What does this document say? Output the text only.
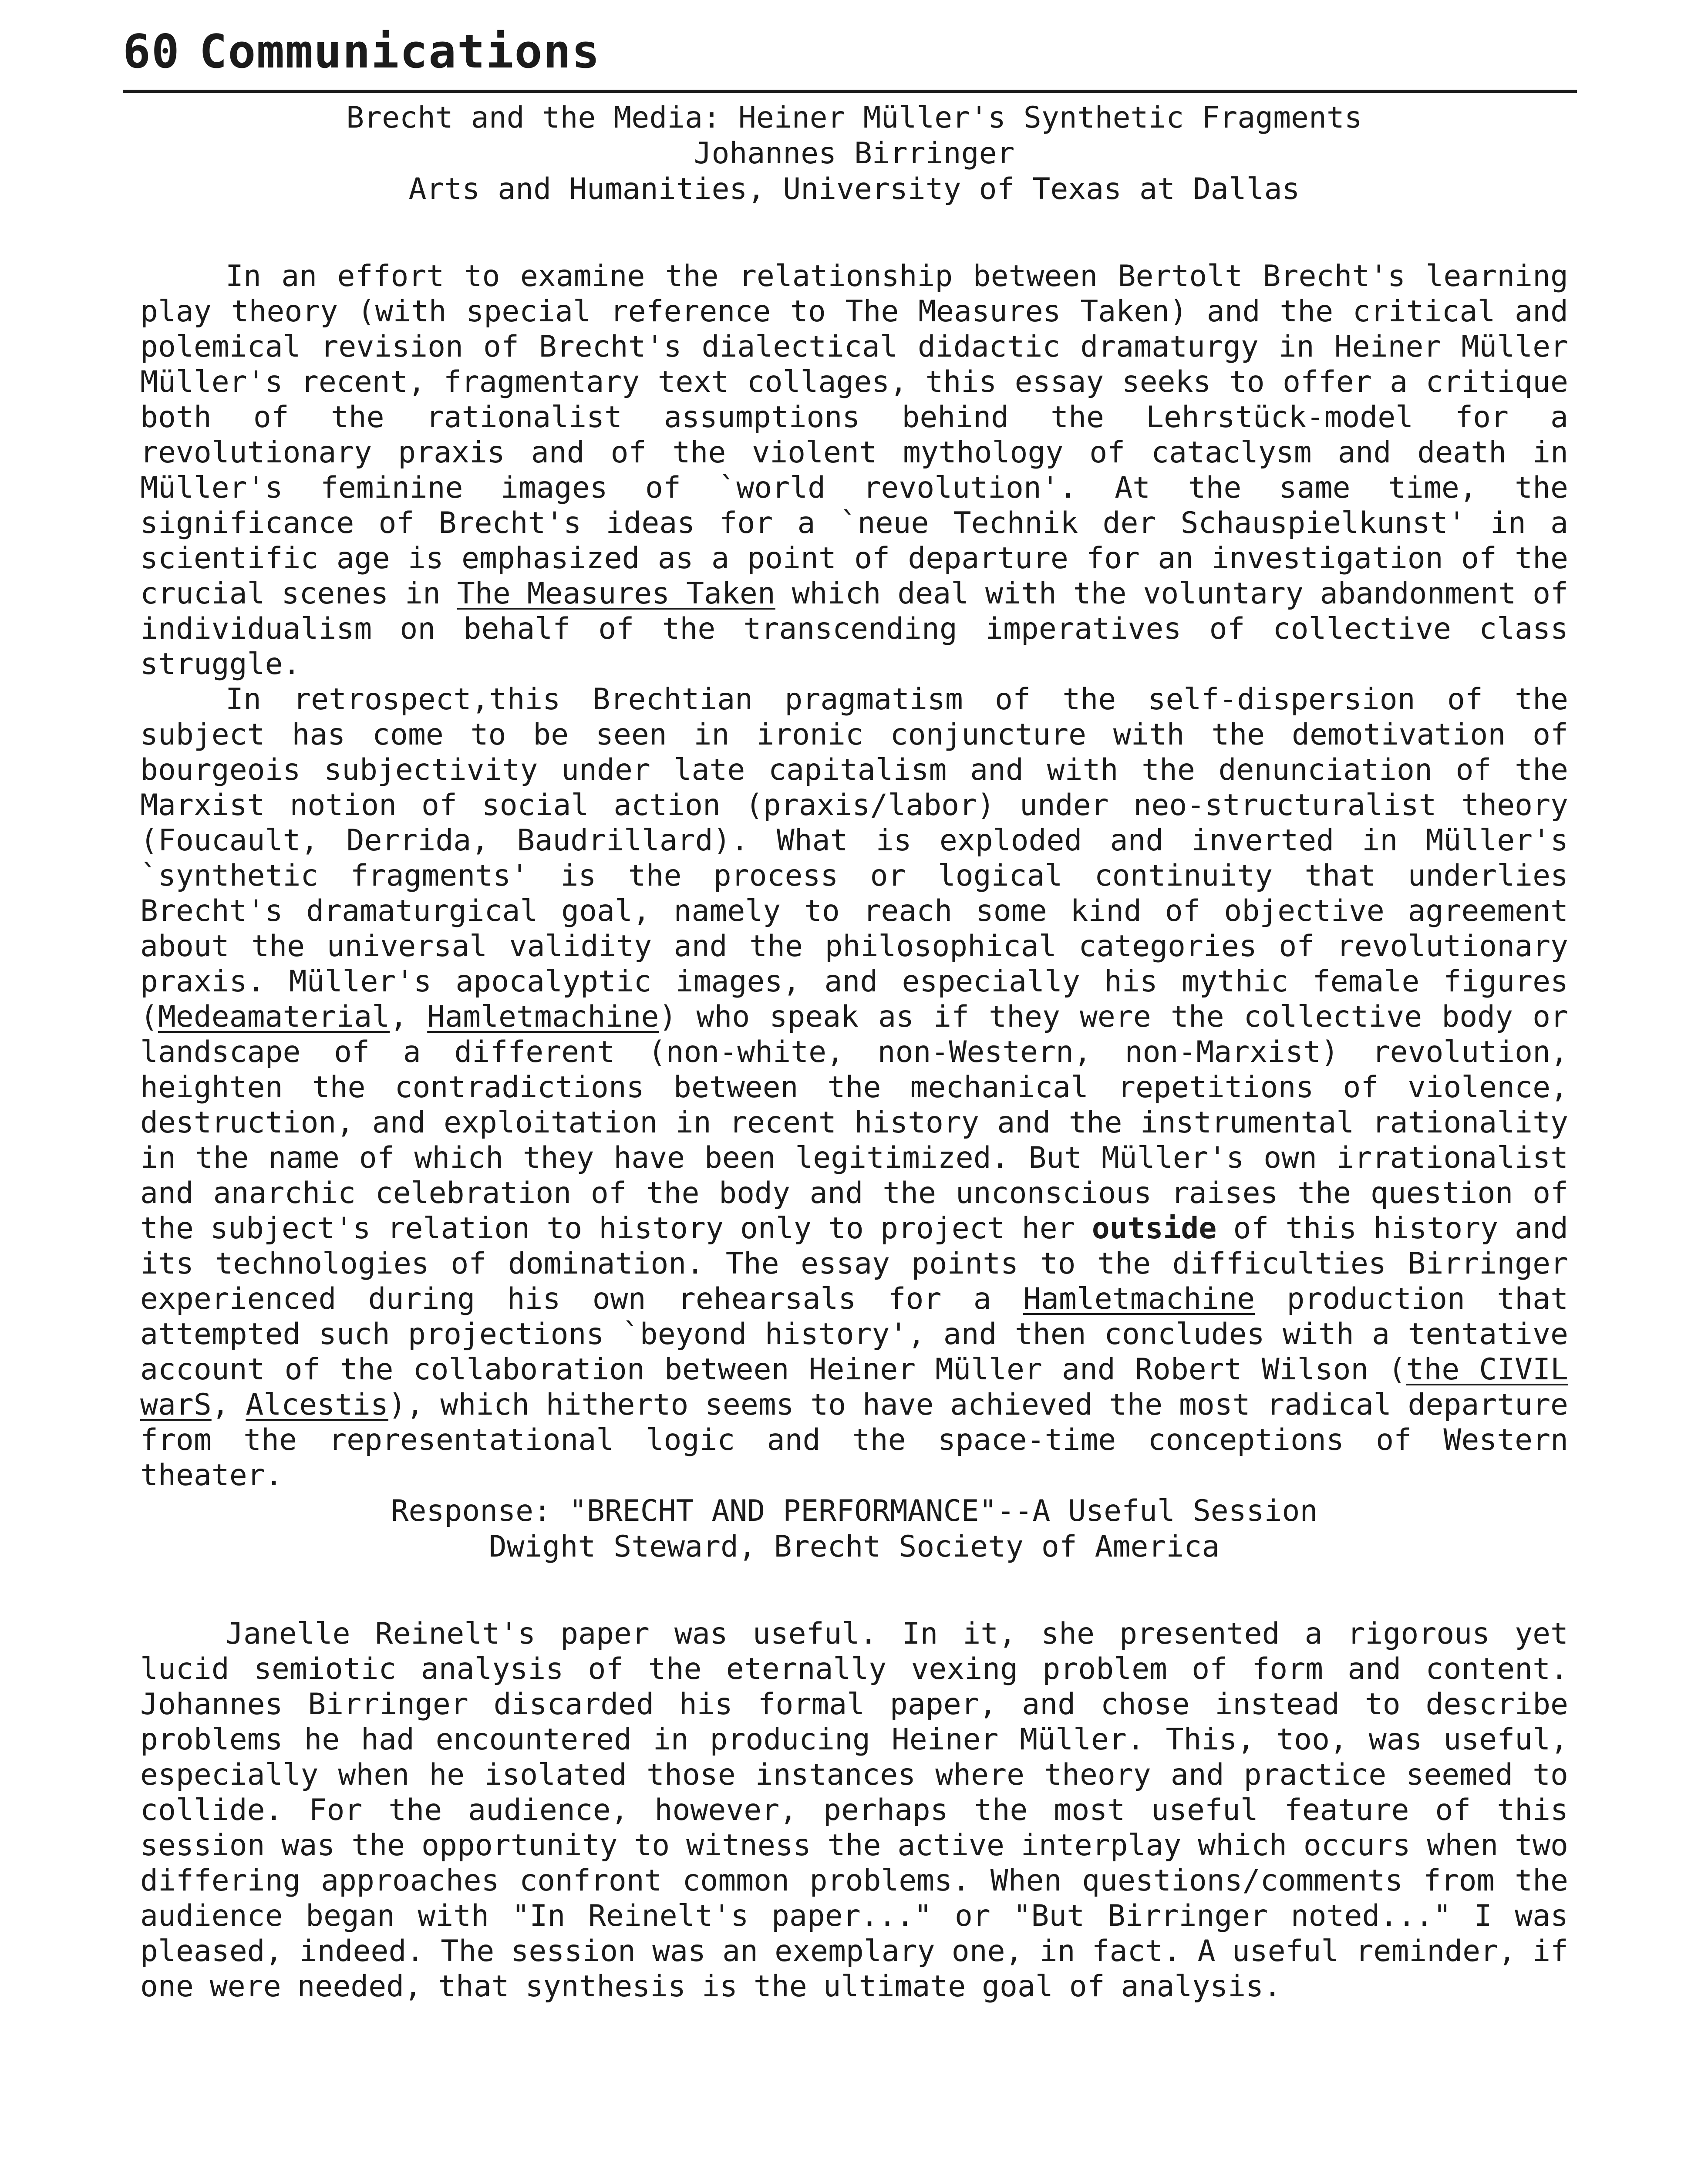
60 Communications
Brecht and the Media: Heiner Müller's Synthetic Fragments
Johannes Birringer
Arts and Humanities, University of Texas at Dallas

In an effort to examine the relationship between Bertolt Brecht's learning play theory (with special reference to The Measures Taken) and the critical and polemical revision of Brecht's dialectical didactic dramaturgy in Heiner Müller Müller's recent, fragmentary text collages, this essay seeks to offer a critique both of the rationalist assumptions behind the Lehrstück-model for a revolutionary praxis and of the violent mythology of cataclysm and death in Müller's feminine images of `world revolution'. At the same time, the significance of Brecht's ideas for a `neue Technik der Schauspielkunst' in a scientific age is emphasized as a point of departure for an investigation of the crucial scenes in The Measures Taken which deal with the voluntary abandonment of individualism on behalf of the transcending imperatives of collective class struggle.

In retrospect,this Brechtian pragmatism of the self-dispersion of the subject has come to be seen in ironic conjuncture with the demotivation of bourgeois subjectivity under late capitalism and with the denunciation of the Marxist notion of social action (praxis/labor) under neo-structuralist theory (Foucault, Derrida, Baudrillard). What is exploded and inverted in Müller's `synthetic fragments' is the process or logical continuity that underlies Brecht's dramaturgical goal, namely to reach some kind of objective agreement about the universal validity and the philosophical categories of revolutionary praxis. Müller's apocalyptic images, and especially his mythic female figures (Medeamaterial, Hamletmachine) who speak as if they were the collective body or landscape of a different (non-white, non-Western, non-Marxist) revolution, heighten the contradictions between the mechanical repetitions of violence, destruction, and exploitation in recent history and the instrumental rationality in the name of which they have been legitimized. But Müller's own irrationalist and anarchic celebration of the body and the unconscious raises the question of the subject's relation to history only to project her outside of this history and its technologies of domination. The essay points to the difficulties Birringer experienced during his own rehearsals for a Hamletmachine production that attempted such projections `beyond history', and then concludes with a tentative account of the collaboration between Heiner Müller and Robert Wilson (the CIVIL warS, Alcestis), which hitherto seems to have achieved the most radical departure from the representational logic and the space-time conceptions of Western theater.

Response: "BRECHT AND PERFORMANCE"--A Useful Session
Dwight Steward, Brecht Society of America

Janelle Reinelt's paper was useful. In it, she presented a rigorous yet lucid semiotic analysis of the eternally vexing problem of form and content. Johannes Birringer discarded his formal paper, and chose instead to describe problems he had encountered in producing Heiner Müller. This, too, was useful, especially when he isolated those instances where theory and practice seemed to collide. For the audience, however, perhaps the most useful feature of this session was the opportunity to witness the active interplay which occurs when two differing approaches confront common problems. When questions/comments from the audience began with "In Reinelt's paper..." or "But Birringer noted..." I was pleased, indeed. The session was an exemplary one, in fact. A useful reminder, if one were needed, that synthesis is the ultimate goal of analysis.
